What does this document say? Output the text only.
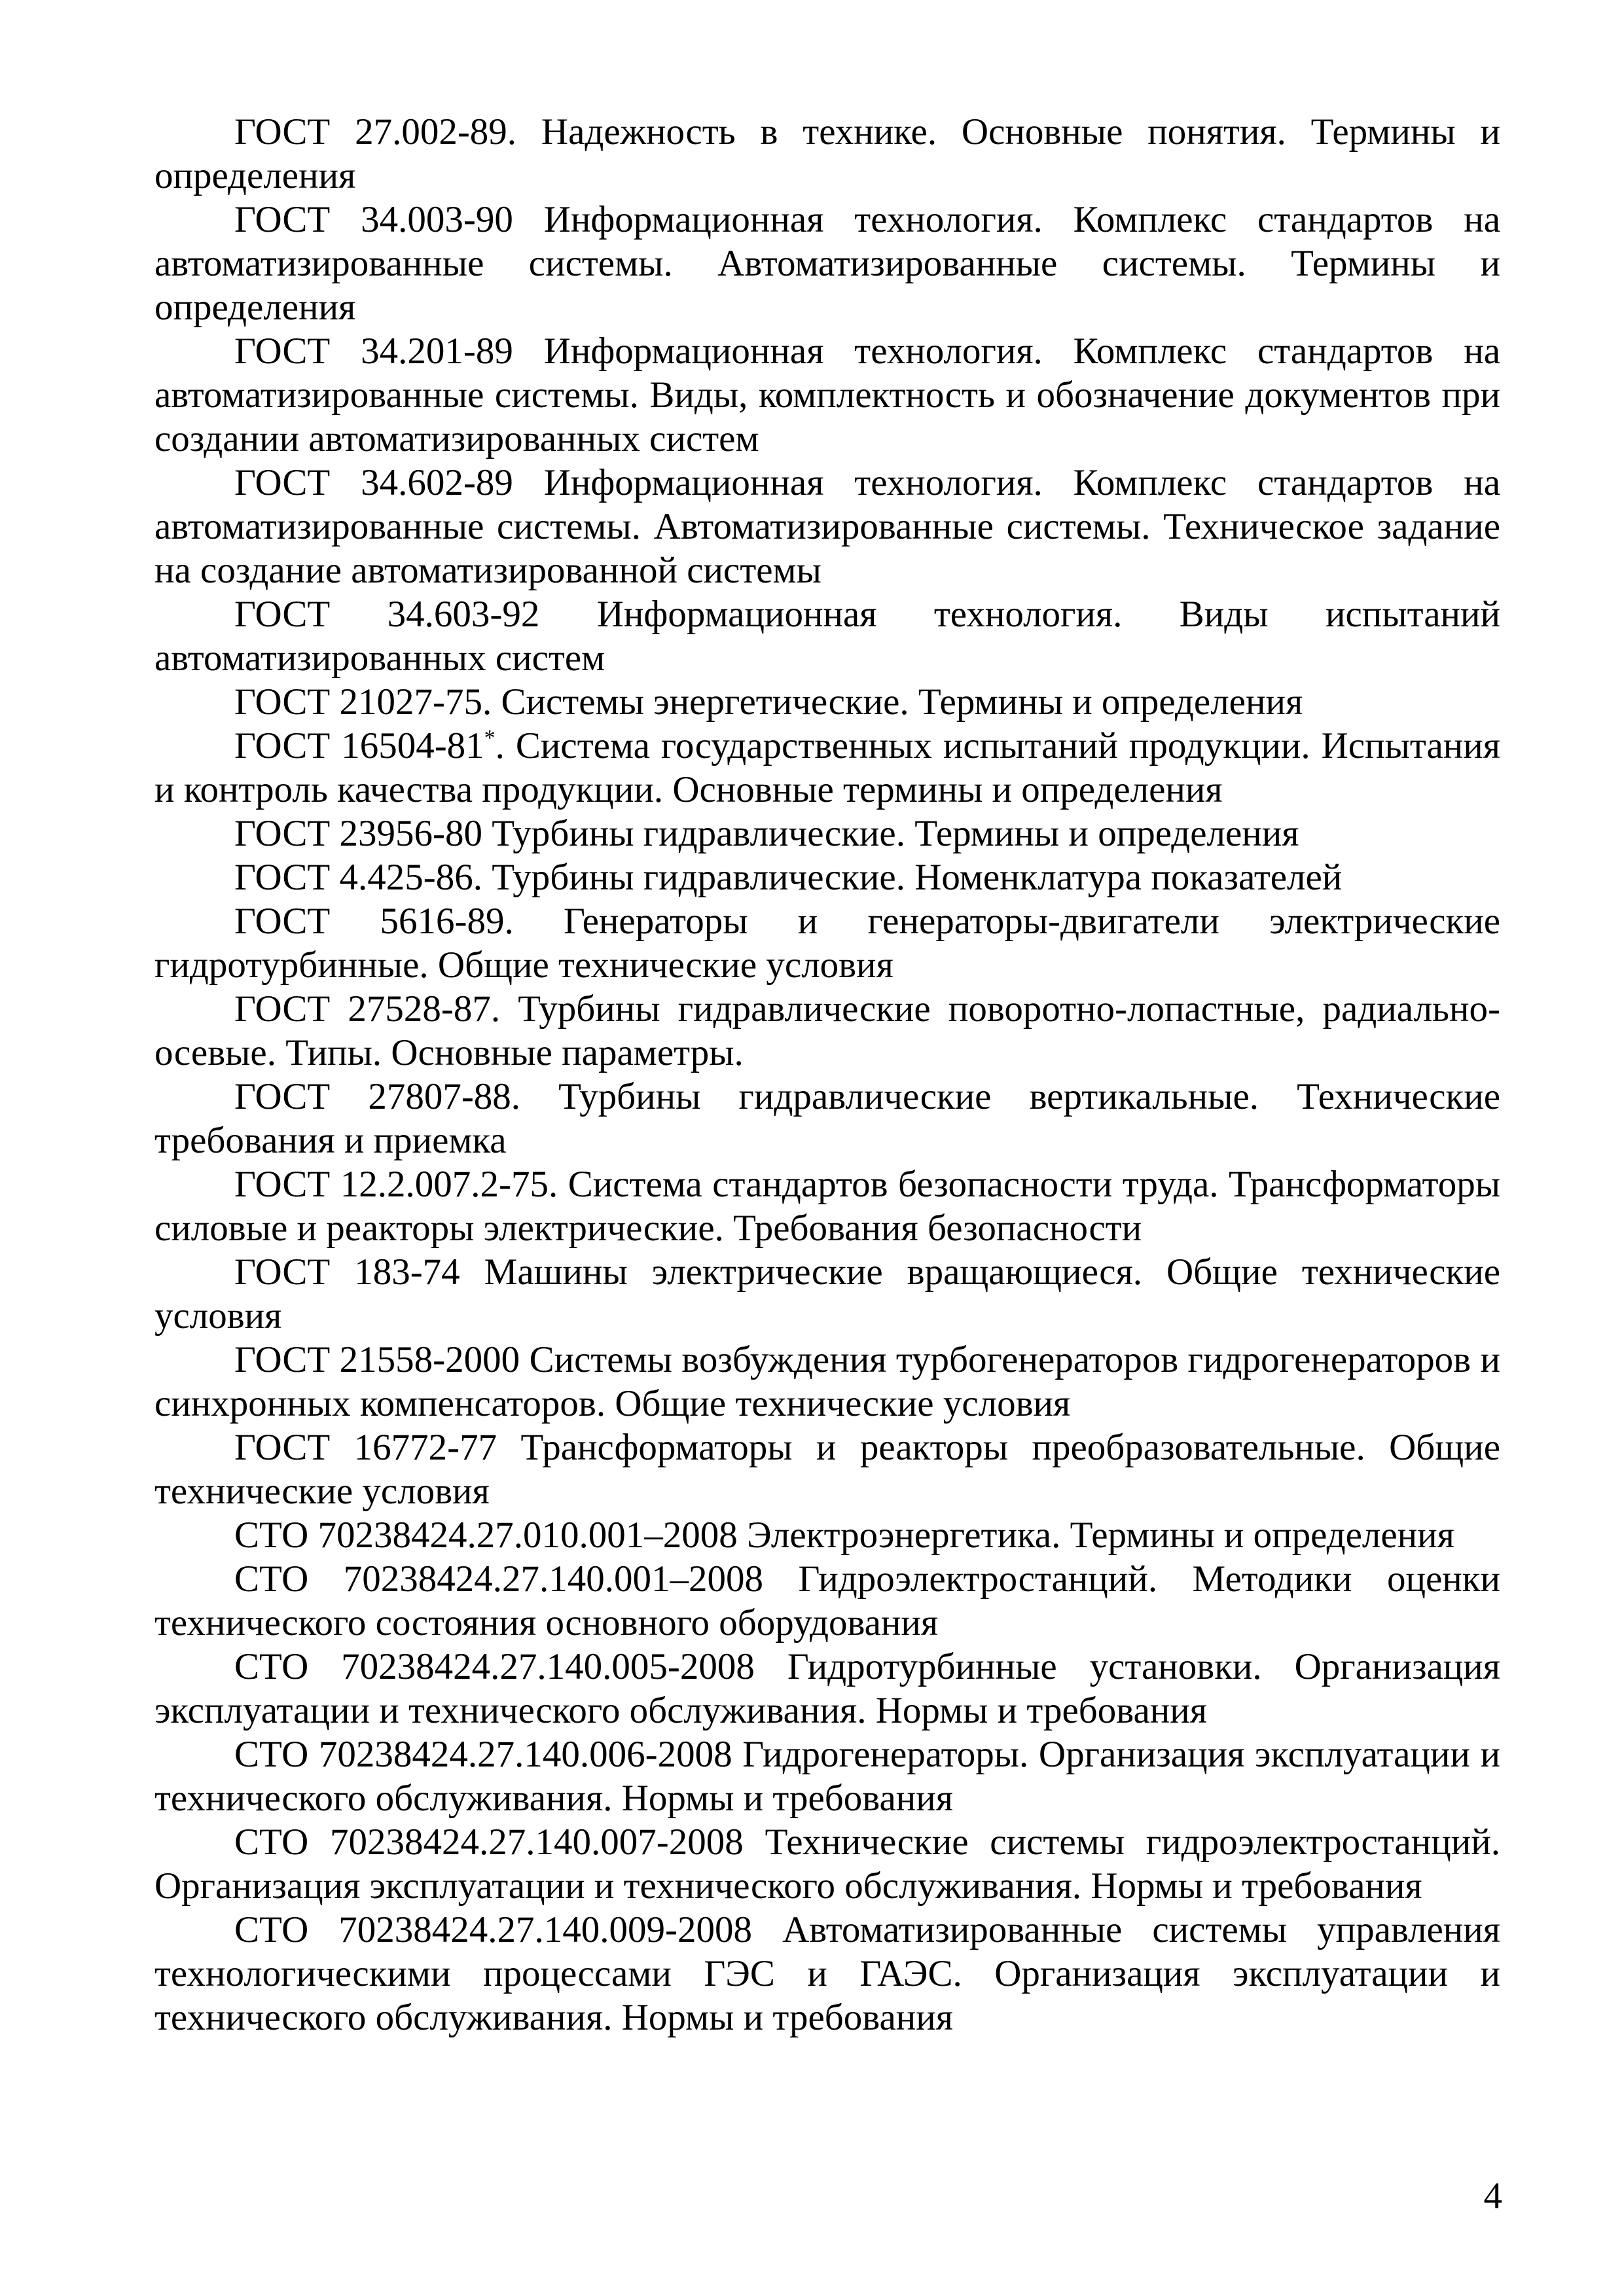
ГОСТ 27.002-89. Надежность в технике. Основные понятия. Термины и определения

ГОСТ 34.003-90 Информационная технология. Комплекс стандартов на автоматизированные системы. Автоматизированные системы. Термины и определения

ГОСТ 34.201-89 Информационная технология. Комплекс стандартов на автоматизированные системы. Виды, комплектность и обозначение документов при создании автоматизированных систем

ГОСТ 34.602-89 Информационная технология. Комплекс стандартов на автоматизированные системы. Автоматизированные системы. Техническое задание на создание автоматизированной системы

ГОСТ 34.603-92 Информационная технология. Виды испытаний автоматизированных систем

ГОСТ 21027-75. Системы энергетические. Термины и определения

ГОСТ 16504-81*. Система государственных испытаний продукции. Испытания и контроль качества продукции. Основные термины и определения

ГОСТ 23956-80 Турбины гидравлические. Термины и определения

ГОСТ 4.425-86. Турбины гидравлические. Номенклатура показателей

ГОСТ 5616-89. Генераторы и генераторы-двигатели электрические гидротурбинные. Общие технические условия

ГОСТ 27528-87. Турбины гидравлические поворотно-лопастные, радиально-осевые. Типы. Основные параметры.

ГОСТ 27807-88. Турбины гидравлические вертикальные. Технические требования и приемка

ГОСТ 12.2.007.2-75. Система стандартов безопасности труда. Трансформаторы силовые и реакторы электрические. Требования безопасности

ГОСТ 183-74 Машины электрические вращающиеся. Общие технические условия

ГОСТ 21558-2000 Системы возбуждения турбогенераторов гидрогенераторов и синхронных компенсаторов. Общие технические условия

ГОСТ 16772-77 Трансформаторы и реакторы преобразовательные. Общие технические условия

СТО 70238424.27.010.001–2008 Электроэнергетика. Термины и определения

СТО 70238424.27.140.001–2008 Гидроэлектростанций. Методики оценки технического состояния основного оборудования

СТО 70238424.27.140.005-2008 Гидротурбинные установки. Организация эксплуатации и технического обслуживания. Нормы и требования

СТО 70238424.27.140.006-2008 Гидрогенераторы. Организация эксплуатации и технического обслуживания. Нормы и требования

СТО 70238424.27.140.007-2008 Технические системы гидроэлектростанций. Организация эксплуатации и технического обслуживания. Нормы и требования

СТО 70238424.27.140.009-2008 Автоматизированные системы управления технологическими процессами ГЭС и ГАЭС. Организация эксплуатации и технического обслуживания. Нормы и требования

4
